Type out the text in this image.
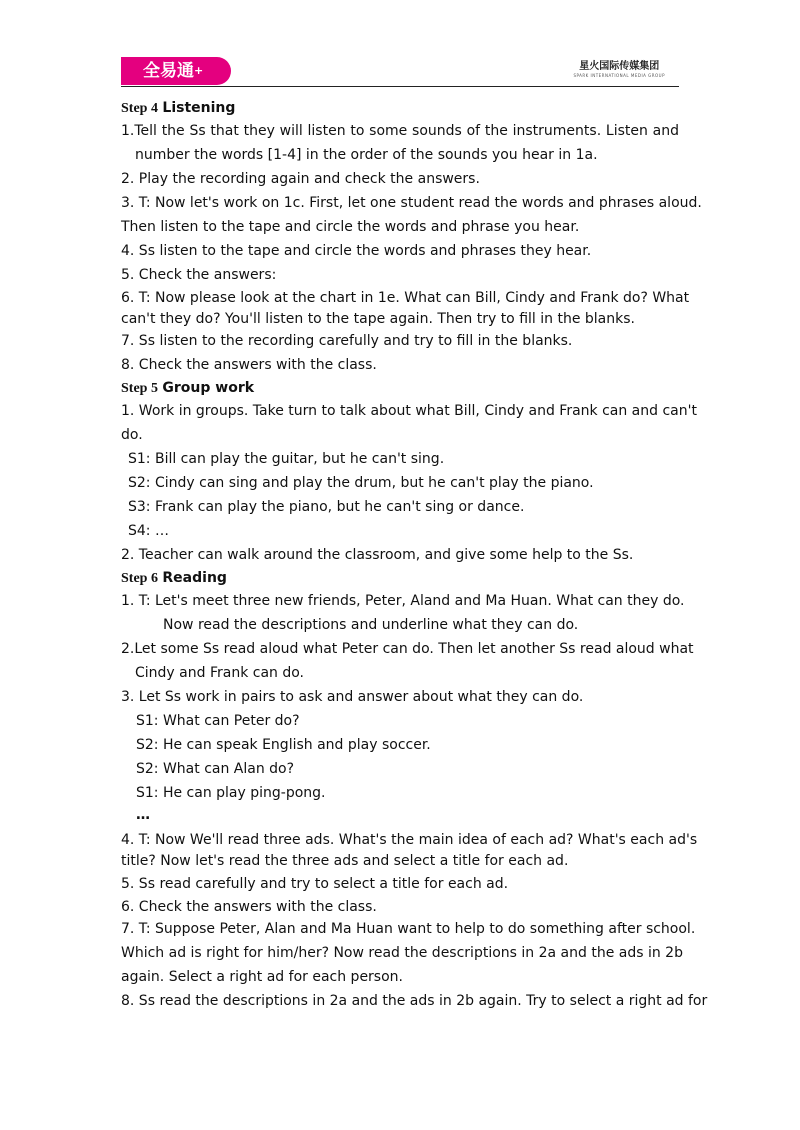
全易通+	星火国际传媒集团
SPARK INTERNATIONAL MEDIA GROUP
Step 4 Listening
1.Tell the Ss that they will listen to some sounds of the instruments. Listen and
number the words [1-4] in the order of the sounds you hear in 1a.
2. Play the recording again and check the answers.
3. T: Now let's work on 1c. First, let one student read the words and phrases aloud.
Then listen to the tape and circle the words and phrase you hear.
4. Ss listen to the tape and circle the words and phrases they hear.
5. Check the answers:
6. T: Now please look at the chart in 1e. What can Bill, Cindy and Frank do? What
can't they do? You'll listen to the tape again. Then try to fill in the blanks.
7. Ss listen to the recording carefully and try to fill in the blanks.
8. Check the answers with the class.
Step 5 Group work
1. Work in groups. Take turn to talk about what Bill, Cindy and Frank can and can't
do.
S1: Bill can play the guitar, but he can't sing.
S2: Cindy can sing and play the drum, but he can't play the piano.
S3: Frank can play the piano, but he can't sing or dance.
S4: …
2. Teacher can walk around the classroom, and give some help to the Ss.
Step 6 Reading
1. T: Let's meet three new friends, Peter, Aland and Ma Huan. What can they do.
Now read the descriptions and underline what they can do.
2.Let some Ss read aloud what Peter can do. Then let another Ss read aloud what
Cindy and Frank can do.
3. Let Ss work in pairs to ask and answer about what they can do.
S1: What can Peter do?
S2: He can speak English and play soccer.
S2: What can Alan do?
S1: He can play ping-pong.
…
4. T: Now We'll read three ads. What's the main idea of each ad? What's each ad's
title? Now let's read the three ads and select a title for each ad.
5. Ss read carefully and try to select a title for each ad.
6. Check the answers with the class.
7. T: Suppose Peter, Alan and Ma Huan want to help to do something after school.
Which ad is right for him/her? Now read the descriptions in 2a and the ads in 2b
again. Select a right ad for each person.
8. Ss read the descriptions in 2a and the ads in 2b again. Try to select a right ad for
